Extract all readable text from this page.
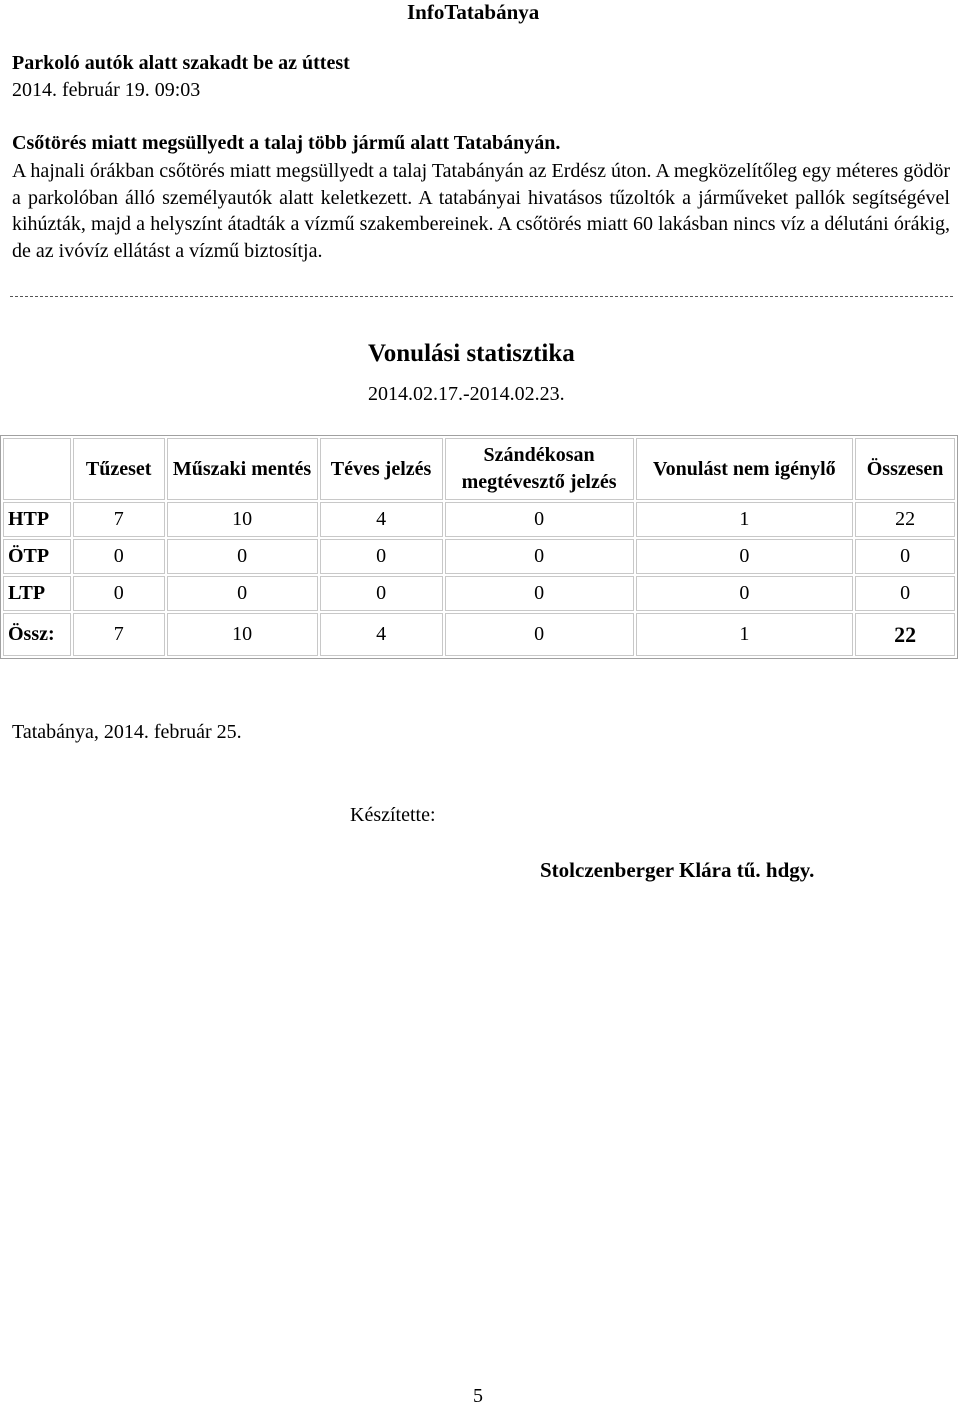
InfoTatabánya
Parkoló autók alatt szakadt be az úttest
2014. február 19. 09:03
Csőtörés miatt megsüllyedt a talaj több jármű alatt Tatabányán.

A hajnali órákban csőtörés miatt megsüllyedt a talaj Tatabányán az Erdész úton. A megközelítőleg egy méteres gödör a parkolóban álló személyautók alatt keletkezett. A tatabányai hivatásos tűzoltók a járműveket pallók segítségével kihúzták, majd a helyszínt átadták a vízmű szakembereinek. A csőtörés miatt 60 lakásban nincs víz a délutáni órákig, de az ivóvíz ellátást a vízmű biztosítja.

Vonulási statisztika
2014.02.17.-2014.02.23.
	Tűzeset	Műszaki mentés	Téves jelzés	Szándékosan megtévesztő jelzés	Vonulást nem igénylő	Összesen
HTP	7	10	4	0	1	22
ÖTP	0	0	0	0	0	0
LTP	0	0	0	0	0	0
Össz:	7	10	4	0	1	22
Tatabánya, 2014. február 25.
Készítette:
Stolczenberger Klára tű. hdgy.
5
